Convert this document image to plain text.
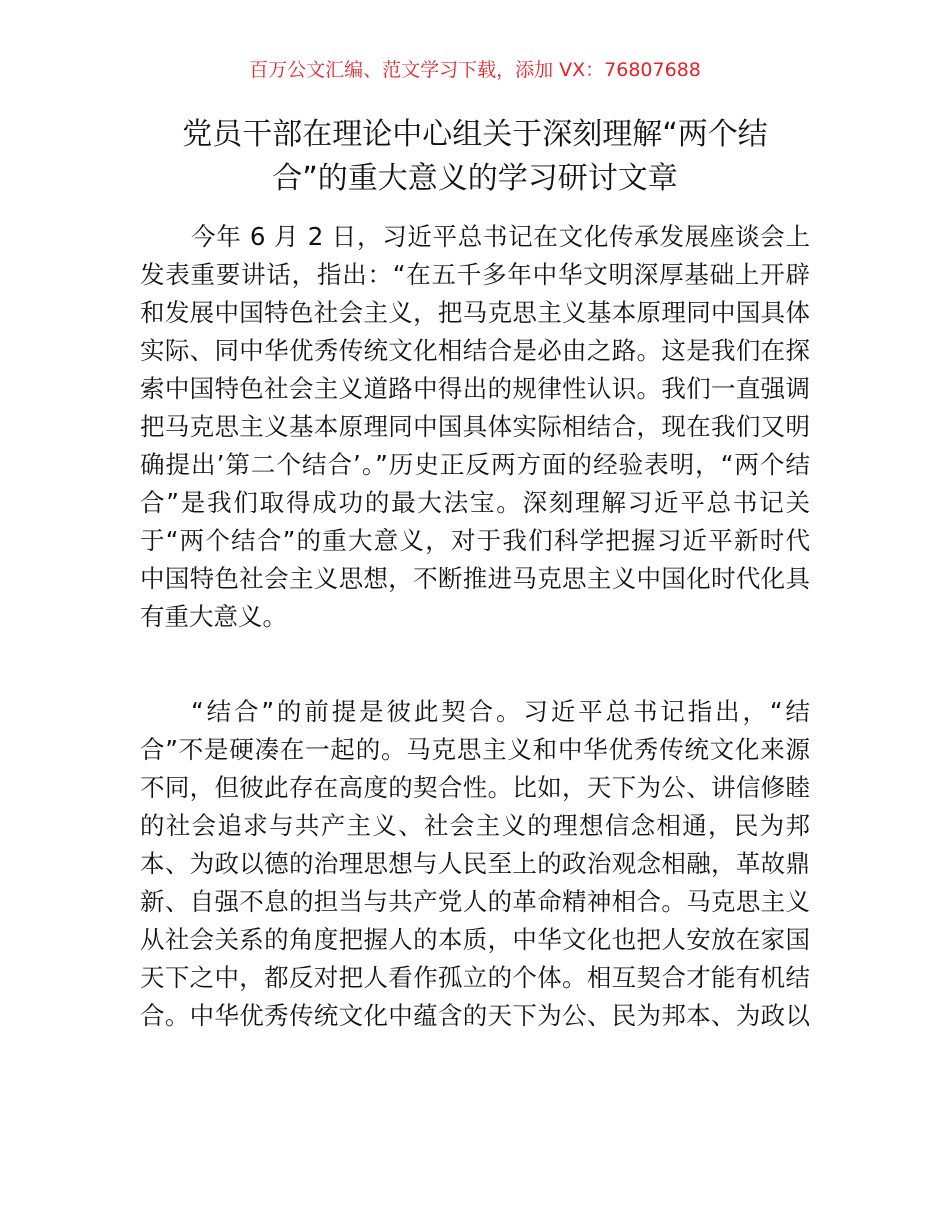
百万公文汇编、范文学习下载，添加 VX：76807688
党员干部在理论中心组关于深刻理解“两个结
合”的重大意义的学习研讨文章
今年 6 月 2 日，习近平总书记在文化传承发展座谈会上
发表重要讲话，指出：“在五千多年中华文明深厚基础上开辟
和发展中国特色社会主义，把马克思主义基本原理同中国具体
实际、同中华优秀传统文化相结合是必由之路。这是我们在探
索中国特色社会主义道路中得出的规律性认识。我们一直强调
把马克思主义基本原理同中国具体实际相结合，现在我们又明
确提出’第二个结合’。”历史正反两方面的经验表明，“两个结
合”是我们取得成功的最大法宝。深刻理解习近平总书记关
于“两个结合”的重大意义，对于我们科学把握习近平新时代
中国特色社会主义思想，不断推进马克思主义中国化时代化具
有重大意义。
“结合”的前提是彼此契合。习近平总书记指出，“结
合”不是硬凑在一起的。马克思主义和中华优秀传统文化来源
不同，但彼此存在高度的契合性。比如，天下为公、讲信修睦
的社会追求与共产主义、社会主义的理想信念相通，民为邦
本、为政以德的治理思想与人民至上的政治观念相融，革故鼎
新、自强不息的担当与共产党人的革命精神相合。马克思主义
从社会关系的角度把握人的本质，中华文化也把人安放在家国
天下之中，都反对把人看作孤立的个体。相互契合才能有机结
合。中华优秀传统文化中蕴含的天下为公、民为邦本、为政以
